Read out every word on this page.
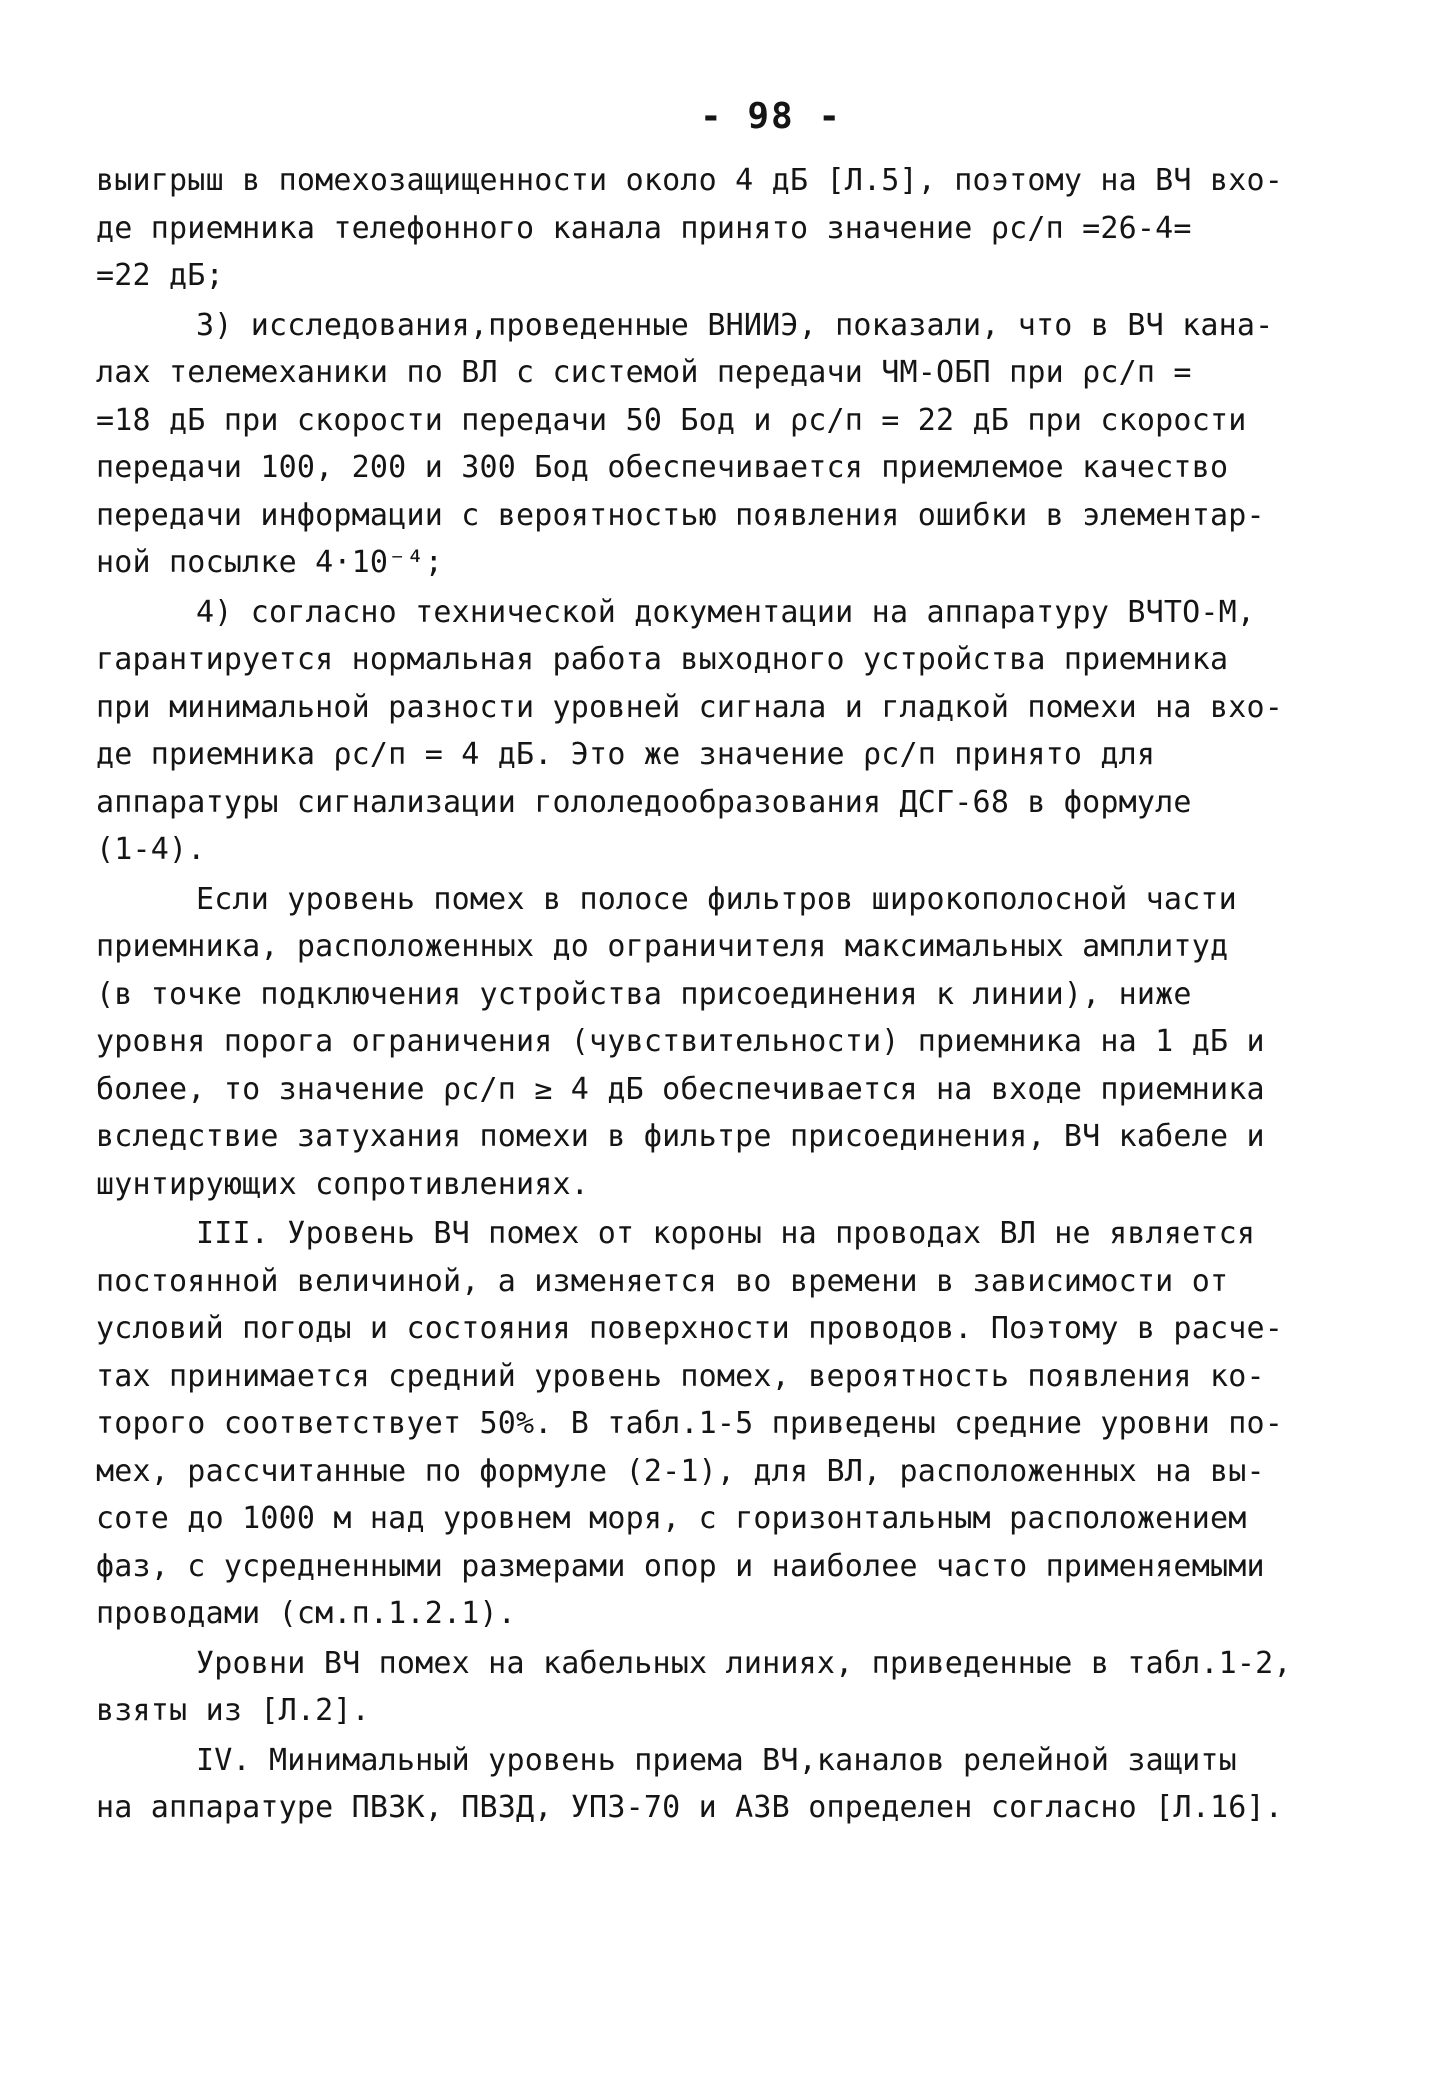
- 98 -
выигрыш в помехозащищенности около 4 дБ [Л.5], поэтому на ВЧ вхо-
де приемника телефонного канала принято значение ρс/п =26-4=
=22 дБ;
3) исследования,проведенные ВНИИЭ, показали, что в ВЧ кана-
лах телемеханики по ВЛ с системой передачи ЧМ-ОБП при ρс/п =
=18 дБ при скорости передачи 50 Бод и ρс/п = 22 дБ при скорости
передачи 100, 200 и 300 Бод обеспечивается приемлемое качество
передачи информации с вероятностью появления ошибки в элементар-
ной посылке 4·10⁻⁴;
4) согласно технической документации на аппаратуру ВЧТО-М,
гарантируется нормальная работа выходного устройства приемника
при минимальной разности уровней сигнала и гладкой помехи на вхо-
де приемника ρс/п = 4 дБ. Это же значение ρс/п принято для
аппаратуры сигнализации гололедообразования ДСГ-68 в формуле
(1-4).
Если уровень помех в полосе фильтров широкополосной части
приемника, расположенных до ограничителя максимальных амплитуд
(в точке подключения устройства присоединения к линии), ниже
уровня порога ограничения (чувствительности) приемника на 1 дБ и
более, то значение ρс/п ≥ 4 дБ обеспечивается на входе приемника
вследствие затухания помехи в фильтре присоединения, ВЧ кабеле и
шунтирующих сопротивлениях.
III. Уровень ВЧ помех от короны на проводах ВЛ не является
постоянной величиной, а изменяется во времени в зависимости от
условий погоды и состояния поверхности проводов. Поэтому в расче-
тах принимается средний уровень помех, вероятность появления ко-
торого соответствует 50%. В табл.1-5 приведены средние уровни по-
мех, рассчитанные по формуле (2-1), для ВЛ, расположенных на вы-
соте до 1000 м над уровнем моря, с горизонтальным расположением
фаз, с усредненными размерами опор и наиболее часто применяемыми
проводами (см.п.1.2.1).
Уровни ВЧ помех на кабельных линиях, приведенные в табл.1-2,
взяты из [Л.2].
IV. Минимальный уровень приема ВЧ,каналов релейной защиты
на аппаратуре ПВЗК, ПВЗД, УПЗ-70 и АЗВ определен согласно [Л.16].
